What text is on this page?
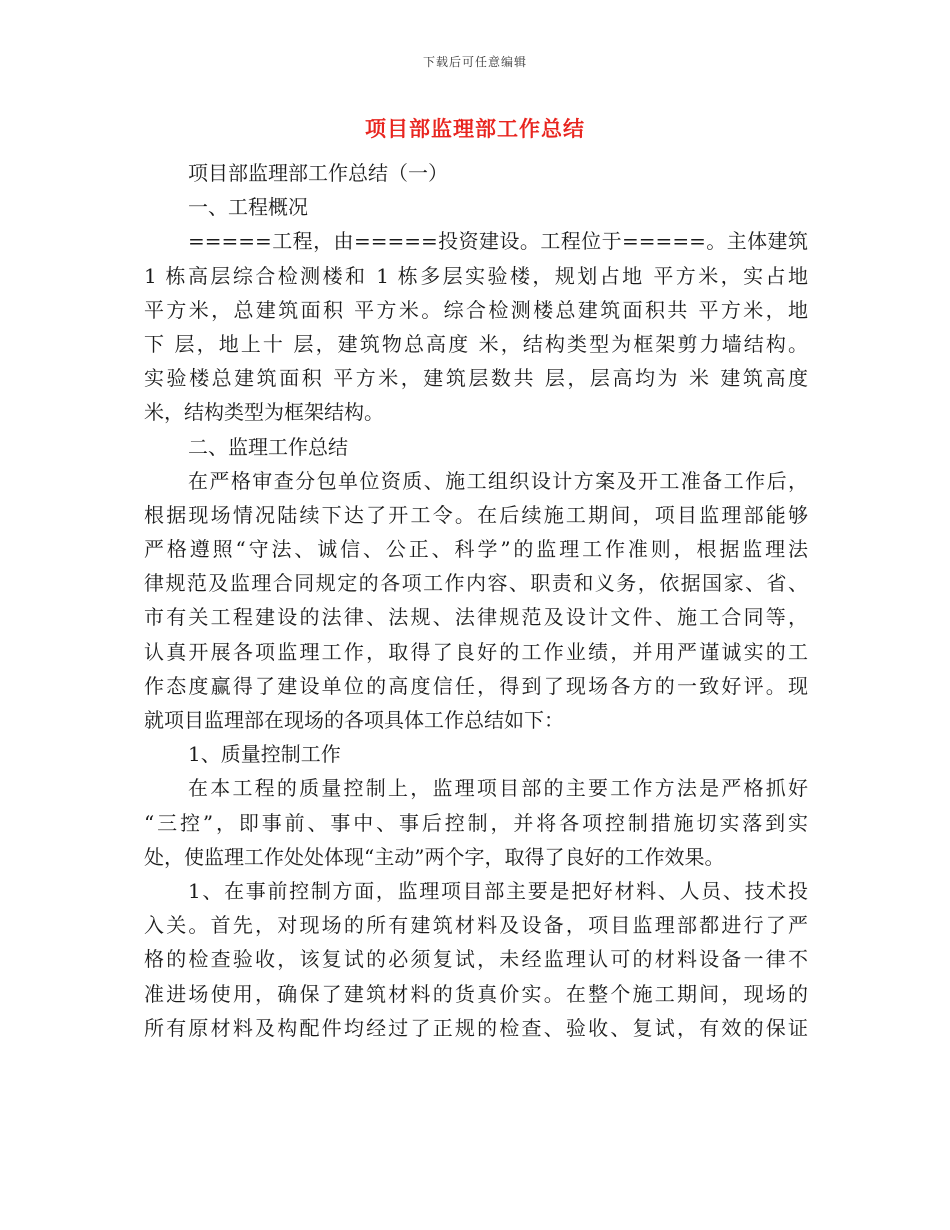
下载后可任意编辑
项目部监理部工作总结
项目部监理部工作总结（一）
一、工程概况
=====工程，由=====投资建设。工程位于=====。主体建筑
1 栋高层综合检测楼和 1 栋多层实验楼，规划占地 平方米，实占地
平方米，总建筑面积 平方米。综合检测楼总建筑面积共 平方米，地
下 层，地上十 层，建筑物总高度 米，结构类型为框架剪力墙结构。
实验楼总建筑面积 平方米，建筑层数共 层，层高均为 米 建筑高度
米，结构类型为框架结构。
二、监理工作总结
在严格审查分包单位资质、施工组织设计方案及开工准备工作后，
根据现场情况陆续下达了开工令。在后续施工期间，项目监理部能够
严格遵照“守法、诚信、公正、科学”的监理工作准则，根据监理法
律规范及监理合同规定的各项工作内容、职责和义务，依据国家、省、
市有关工程建设的法律、法规、法律规范及设计文件、施工合同等，
认真开展各项监理工作，取得了良好的工作业绩，并用严谨诚实的工
作态度赢得了建设单位的高度信任，得到了现场各方的一致好评。现
就项目监理部在现场的各项具体工作总结如下：
1、质量控制工作
在本工程的质量控制上，监理项目部的主要工作方法是严格抓好
“三控”，即事前、事中、事后控制，并将各项控制措施切实落到实
处，使监理工作处处体现“主动”两个字，取得了良好的工作效果。
1、在事前控制方面，监理项目部主要是把好材料、人员、技术投
入关。首先，对现场的所有建筑材料及设备，项目监理部都进行了严
格的检查验收，该复试的必须复试，未经监理认可的材料设备一律不
准进场使用，确保了建筑材料的货真价实。在整个施工期间，现场的
所有原材料及构配件均经过了正规的检查、验收、复试，有效的保证
